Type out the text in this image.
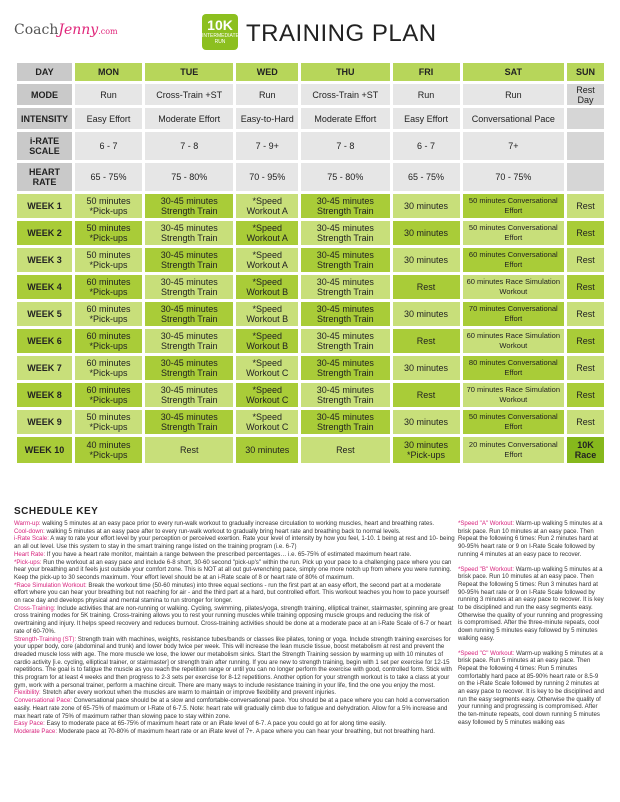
CoachJenny.com	10K
INTERMEDIATE RUN TRAINING PLAN
DAY	MON	TUE	WED	THU	FRI	SAT	SUN
MODE	Run	Cross-Train +ST	Run	Cross-Train +ST	Run	Run	Rest Day
INTENSITY	Easy Effort	Moderate Effort	Easy-to-Hard	Moderate Effort	Easy Effort	Conversational Pace	
i-RATE SCALE	6 - 7	7 - 8	7 - 9+	7 - 8	6 - 7	7+	
HEART RATE	65 - 75%	75 - 80%	70 - 95%	75 - 80%	65 - 75%	70 - 75%	
WEEK 1	50 minutes *Pick-ups	30-45 minutes Strength Train	*Speed Workout A	30-45 minutes Strength Train	30 minutes	50 minutes Conversational Effort	Rest
WEEK 2	50 minutes *Pick-ups	30-45 minutes Strength Train	*Speed Workout A	30-45 minutes Strength Train	30 minutes	50 minutes Conversational Effort	Rest
WEEK 3	50 minutes *Pick-ups	30-45 minutes Strength Train	*Speed Workout A	30-45 minutes Strength Train	30 minutes	60 minutes Conversational Effort	Rest
WEEK 4	60 minutes *Pick-ups	30-45 minutes Strength Train	*Speed Workout B	30-45 minutes Strength Train	Rest	60 minutes Race Simulation Workout	Rest
WEEK 5	60 minutes *Pick-ups	30-45 minutes Strength Train	*Speed Workout B	30-45 minutes Strength Train	30 minutes	70 minutes Conversational Effort	Rest
WEEK 6	60 minutes *Pick-ups	30-45 minutes Strength Train	*Speed Workout B	30-45 minutes Strength Train	Rest	60 minutes Race Simulation Workout	Rest
WEEK 7	60 minutes *Pick-ups	30-45 minutes Strength Train	*Speed Workout C	30-45 minutes Strength Train	30 minutes	80 minutes Conversational Effort	Rest
WEEK 8	60 minutes *Pick-ups	30-45 minutes Strength Train	*Speed Workout C	30-45 minutes Strength Train	Rest	70 minutes Race Simulation Workout	Rest
WEEK 9	50 minutes *Pick-ups	30-45 minutes Strength Train	*Speed Workout C	30-45 minutes Strength Train	30 minutes	50 minutes Conversational Effort	Rest
WEEK 10	40 minutes *Pick-ups	Rest	30 minutes	Rest	30 minutes *Pick-ups	20 minutes Conversational Effort	10K Race
SCHEDULE KEY
Warm-up: walking 5 minutes at an easy pace prior to every run-walk workout to gradually increase circulation to working muscles, heart and breathing rates.
Cool-down: walking 5 minutes at an easy pace after to every run-walk workout to gradually bring heart rate and breathing back to normal levels.
i-Rate Scale: A way to rate your effort level by your perception or perceived exertion. Rate your level of intensity by how you feel, 1-10. 1 being at rest and 10- being an all out level. Use this system to stay in the smart training range listed on the training program (i.e. 6-7)
Heart Rate: If you have a heart rate monitor, maintain a range between the prescribed percentages… i.e. 65-75% of estimated maximum heart rate.
*Pick-ups: Run the workout at an easy pace and include 6-8 short, 30-60 second "pick-up's" within the run. Pick up your pace to a challenging pace where you can hear your breathing and it feels just outside your comfort zone. This is NOT at all out gut-wrenching pace, simply one more notch up from where you were running. Keep the pick-up to 30 seconds maximum. Your effort level should be at an i-Rate scale of 8 or heart rate of 80% of maximum.
*Race Simulation Workout: Break the workout time (50-60 minutes) into three equal sections - run the first part at an easy effort, the second part at a moderate effort where you can hear your breathing but not reaching for air - and the third part at a hard, but controlled effort. This workout teaches you how to pace yourself on race day and develops physical and mental stamina to run stronger for longer.
Cross-Training: Include activities that are non-running or walking. Cycling, swimming, pilates/yoga, strength training, elliptical trainer, stairmaster, spinning are great cross training modes for 5K training. Cross-training allows you to rest your running muscles while training opposing muscle groups and reducing the risk of overtraining and injury. It helps speed recovery and reduces burnout. Cross-training activities should be done at a moderate pace at an i-Rate Scale of 6-7 or heart rate of 60-70%.
Strength-Training (ST): Strength train with machines, weights, resistance tubes/bands or classes like pilates, toning or yoga. Include strength training exercises for your upper body, core (abdominal and trunk) and lower body twice per week. This will increase the lean muscle tissue, boost metabolism at rest and prevent the dreaded muscle loss with age. The more muscle we lose, the lower our metabolism sinks. Start the Strength Training session by warming up with 10 minutes of cardio activity [i.e. cycling, elliptical trainer, or stairmaster] or strength train after running. If you are new to strength training, begin with 1 set per exercise for 12-15 repetitions. The goal is to fatigue the muscle as you reach the repetition range or until you can no longer perform the exercise with good, controlled form. Stick with this program for at least 4 weeks and then progress to 2-3 sets per exercise for 8-12 repetitions. Another option for your strength workout is to take a class at your gym, work with a personal trainer, perform a machine circuit. There are many ways to include resistance training in your life, find the one you enjoy the most.
Flexibility: Stretch after every workout when the muscles are warm to maintain or improve flexibility and prevent injuries.
Conversational Pace: Conversational pace should be at a slow and comfortable-conversational pace. You should be at a pace where you can hold a conversation easily. Heart rate zone of 65-75% of maximum or I-Rate of 6-7.5. Note: heart rate will gradually climb due to fatigue and dehydration. Allow for a 5% increase and max heart rate of 75% of maximum rather than slowing pace to stay within zone.
Easy Pace: Easy to moderate pace at 65-75% of maximum heart rate or an iRate level of 6-7. A pace you could go at for along time easily.
Moderate Pace: Moderate pace at 70-80% of maximum heart rate or an iRate level of 7+. A pace where you can hear your breathing, but not breathing hard.

*Speed "A" Workout: Warm-up walking 5 minutes at a brisk pace. Run 10 minutes at an easy pace. Then Repeat the following 6 times: Run 2 minutes hard at 90-95% heart rate or 9 on I-Rate Scale followed by running 4 minutes at an easy pace to recover.

*Speed "B" Workout: Warm-up walking 5 minutes at a brisk pace. Run 10 minutes at an easy pace. Then Repeat the following 5 times: Run 3 minutes hard at 90-95% heart rate or 9 on I-Rate Scale followed by running 3 minutes at an easy pace to recover. It is key to be disciplined and run the easy segments easy. Otherwise the quality of your running and progressing is compromised. After the three-minute repeats, cool down running 5 minutes easy followed by 5 minutes walking easy.

*Speed "C" Workout: Warm-up walking 5 minutes at a brisk pace. Run 5 minutes at an easy pace. Then Repeat the following 4 times: Run 5 minutes comfortably hard pace at 85-90% heart rate or 8.5-9 on the i-Rate Scale followed by running 2 minutes at an easy pace to recover. It is key to be disciplined and run the easy segments easy. Otherwise the quality of your running and progressing is compromised. After the ten-minute repeats, cool down running 5 minutes easy followed by 5 minutes walking eas
